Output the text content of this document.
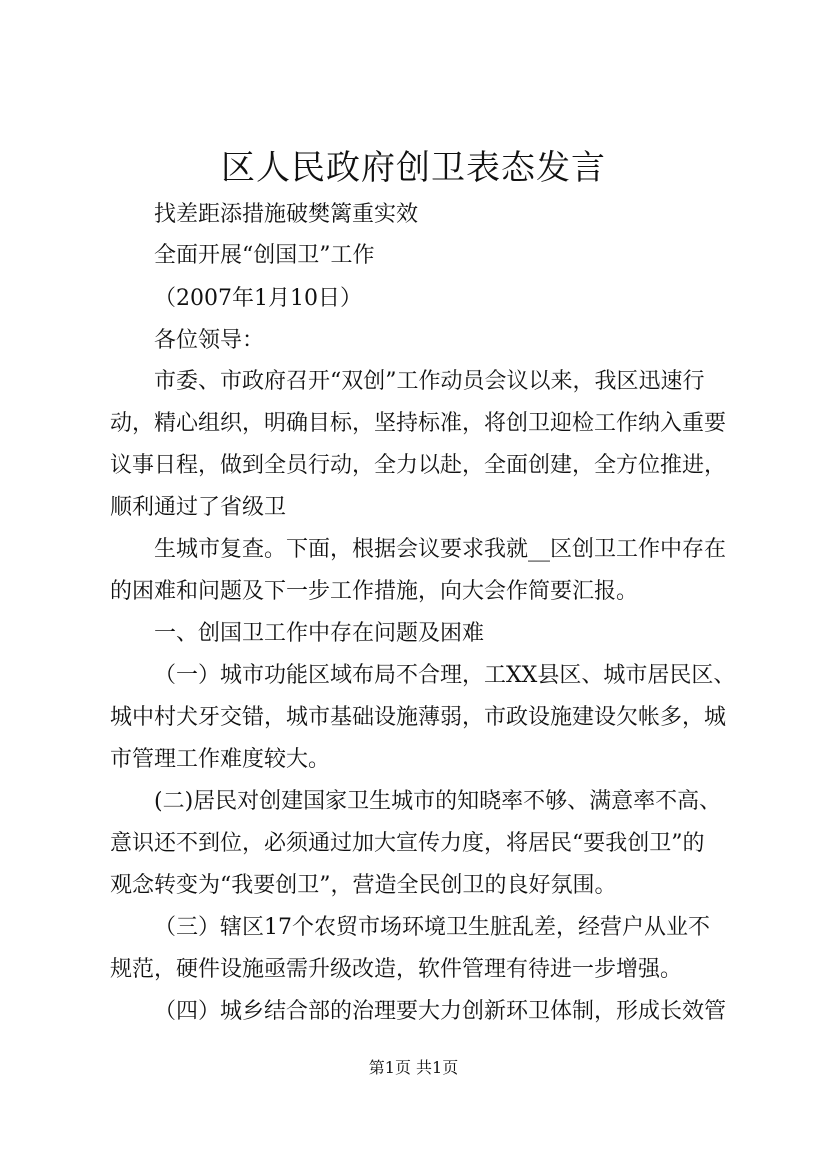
区人民政府创卫表态发言
找差距添措施破樊篱重实效
全面开展“创国卫”工作
（2007年1月10日）
各位领导：
市委、市政府召开“双创”工作动员会议以来，我区迅速行
动，精心组织，明确目标，坚持标准，将创卫迎检工作纳入重要
议事日程，做到全员行动，全力以赴，全面创建，全方位推进，
顺利通过了省级卫
生城市复查。下面，根据会议要求我就__区创卫工作中存在
的困难和问题及下一步工作措施，向大会作简要汇报。
一、创国卫工作中存在问题及困难
（一）城市功能区域布局不合理，工XX县区、城市居民区、
城中村犬牙交错，城市基础设施薄弱，市政设施建设欠帐多，城
市管理工作难度较大。
(二)居民对创建国家卫生城市的知晓率不够、满意率不高、
意识还不到位，必须通过加大宣传力度，将居民“要我创卫”的
观念转变为“我要创卫”，营造全民创卫的良好氛围。
（三）辖区17个农贸市场环境卫生脏乱差，经营户从业不
规范，硬件设施亟需升级改造，软件管理有待进一步增强。
（四）城乡结合部的治理要大力创新环卫体制，形成长效管
第1页 共1页
